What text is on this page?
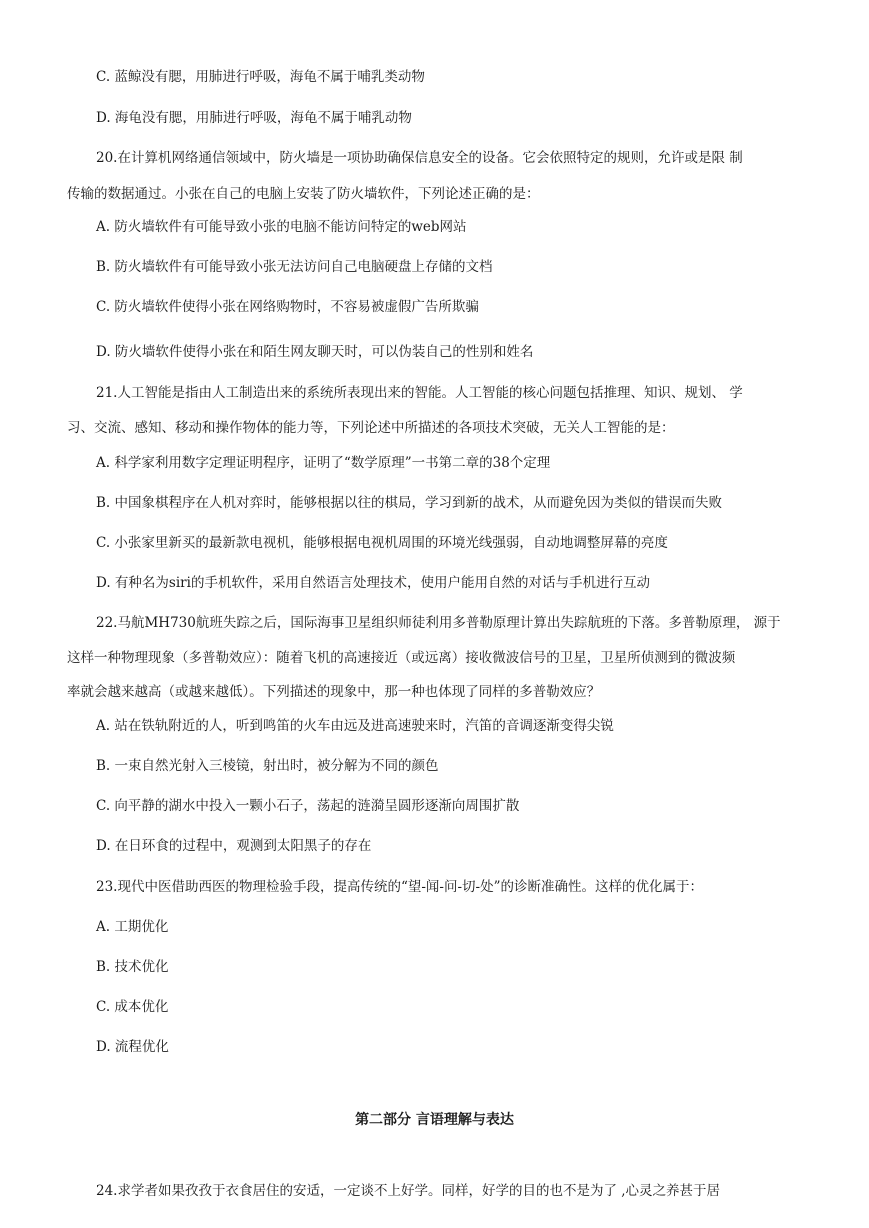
C. 蓝鲸没有腮，用肺进行呼吸，海龟不属于哺乳类动物
D. 海龟没有腮，用肺进行呼吸，海龟不属于哺乳动物
20.在计算机网络通信领域中，防火墙是一项协助确保信息安全的设备。它会依照特定的规则，允许或是限 制
传输的数据通过。小张在自己的电脑上安装了防火墙软件，下列论述正确的是：
A. 防火墙软件有可能导致小张的电脑不能访问特定的web网站
B. 防火墙软件有可能导致小张无法访问自己电脑硬盘上存储的文档
C. 防火墙软件使得小张在网络购物时，不容易被虚假广告所欺骗
D. 防火墙软件使得小张在和陌生网友聊天时，可以伪装自己的性别和姓名
21.人工智能是指由人工制造出来的系统所表现出来的智能。人工智能的核心问题包括推理、知识、规划、 学
习、交流、感知、移动和操作物体的能力等，下列论述中所描述的各项技术突破，无关人工智能的是：
A. 科学家利用数字定理证明程序，证明了“数学原理”一书第二章的38个定理
B. 中国象棋程序在人机对弈时，能够根据以往的棋局，学习到新的战术，从而避免因为类似的错误而失败
C. 小张家里新买的最新款电视机，能够根据电视机周围的环境光线强弱，自动地调整屏幕的亮度
D. 有种名为siri的手机软件，采用自然语言处理技术，使用户能用自然的对话与手机进行互动
22.马航MH730航班失踪之后，国际海事卫星组织师徒利用多普勒原理计算出失踪航班的下落。多普勒原理， 源于
这样一种物理现象（多普勒效应）：随着飞机的高速接近（或远离）接收微波信号的卫星，卫星所侦测到的微波频
率就会越来越高（或越来越低）。下列描述的现象中，那一种也体现了同样的多普勒效应？
A. 站在铁轨附近的人，听到鸣笛的火车由远及进高速驶来时，汽笛的音调逐渐变得尖锐
B. 一束自然光射入三棱镜，射出时，被分解为不同的颜色
C. 向平静的湖水中投入一颗小石子，荡起的涟漪呈圆形逐渐向周围扩散
D. 在日环食的过程中，观测到太阳黑子的存在
23.现代中医借助西医的物理检验手段，提高传统的“望-闻-问-切-处”的诊断准确性。这样的优化属于：
A. 工期优化
B. 技术优化
C. 成本优化
D. 流程优化
第二部分 言语理解与表达
24.求学者如果孜孜于衣食居住的安适，一定谈不上好学。同样，好学的目的也不是为了 ,心灵之养甚于居
